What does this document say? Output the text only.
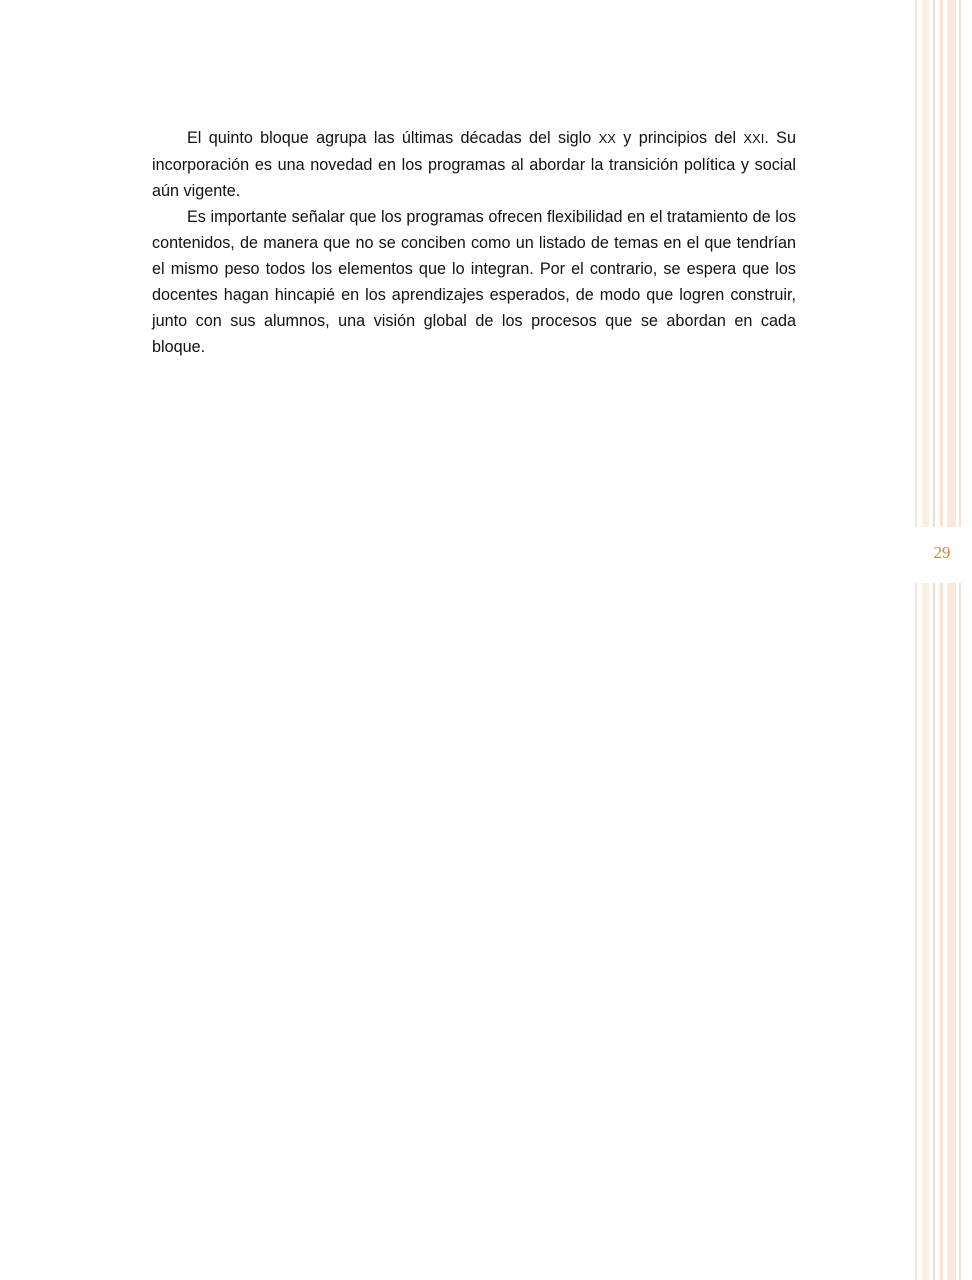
29

El quinto bloque agrupa las últimas décadas del siglo XX y principios del XXI. Su incorporación es una novedad en los programas al abordar la transición política y social aún vigente.

Es importante señalar que los programas ofrecen flexibilidad en el tratamiento de los contenidos, de manera que no se conciben como un listado de temas en el que tendrían el mismo peso todos los elementos que lo integran. Por el contrario, se espera que los docentes hagan hincapié en los aprendizajes esperados, de modo que logren construir, junto con sus alumnos, una visión global de los procesos que se abordan en cada bloque.
